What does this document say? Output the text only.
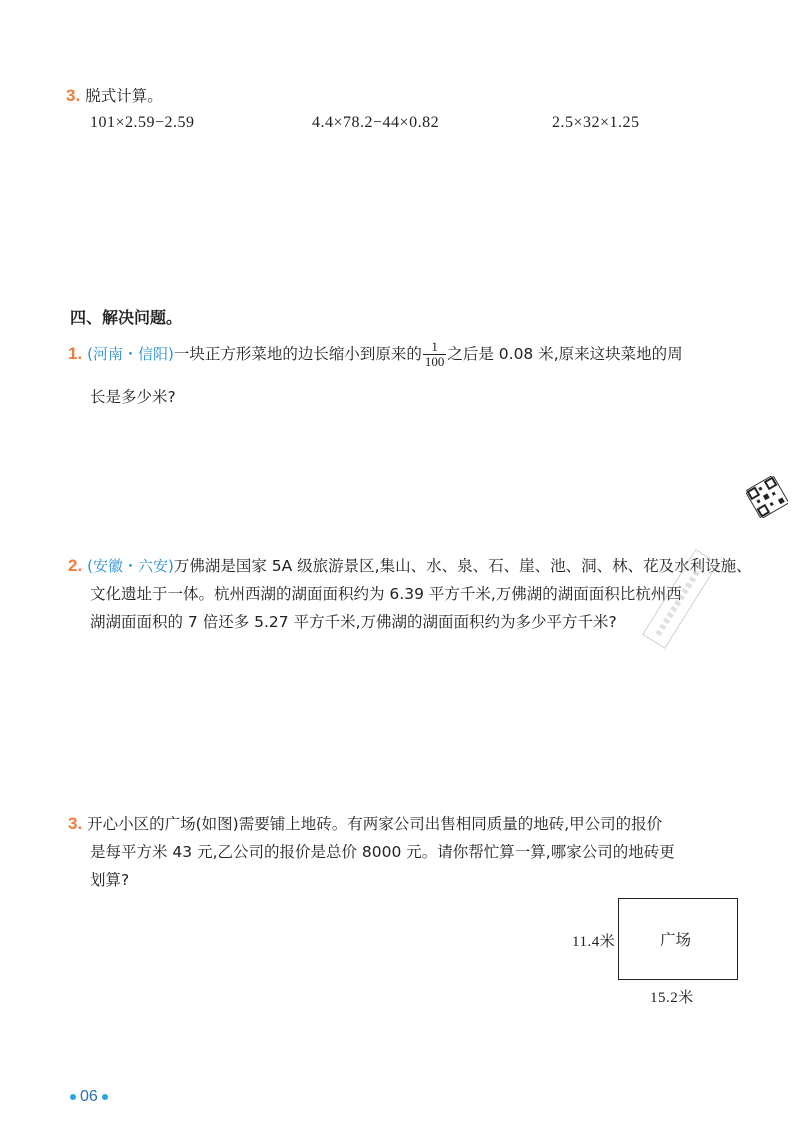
3. 脱式计算。
101×2.59−2.59	4.4×78.2−44×0.82	2.5×32×1.25
四、解决问题。
1. (河南・信阳)一块正方形菜地的边长缩小到原来的 $\frac{1}{100}$ 之后是 0.08 米,原来这块菜地的周
长是多少米?
2. (安徽・六安)万佛湖是国家 5A 级旅游景区,集山、水、泉、石、崖、池、洞、林、花及水利设施、
文化遗址于一体。杭州西湖的湖面面积约为 6.39 平方千米,万佛湖的湖面面积比杭州西
湖湖面面积的 7 倍还多 5.27 平方千米,万佛湖的湖面面积约为多少平方千米?
3. 开心小区的广场(如图)需要铺上地砖。有两家公司出售相同质量的地砖,甲公司的报价
是每平方米 43 元,乙公司的报价是总价 8000 元。请你帮忙算一算,哪家公司的地砖更
划算?
广场
11.4米
15.2米
06
